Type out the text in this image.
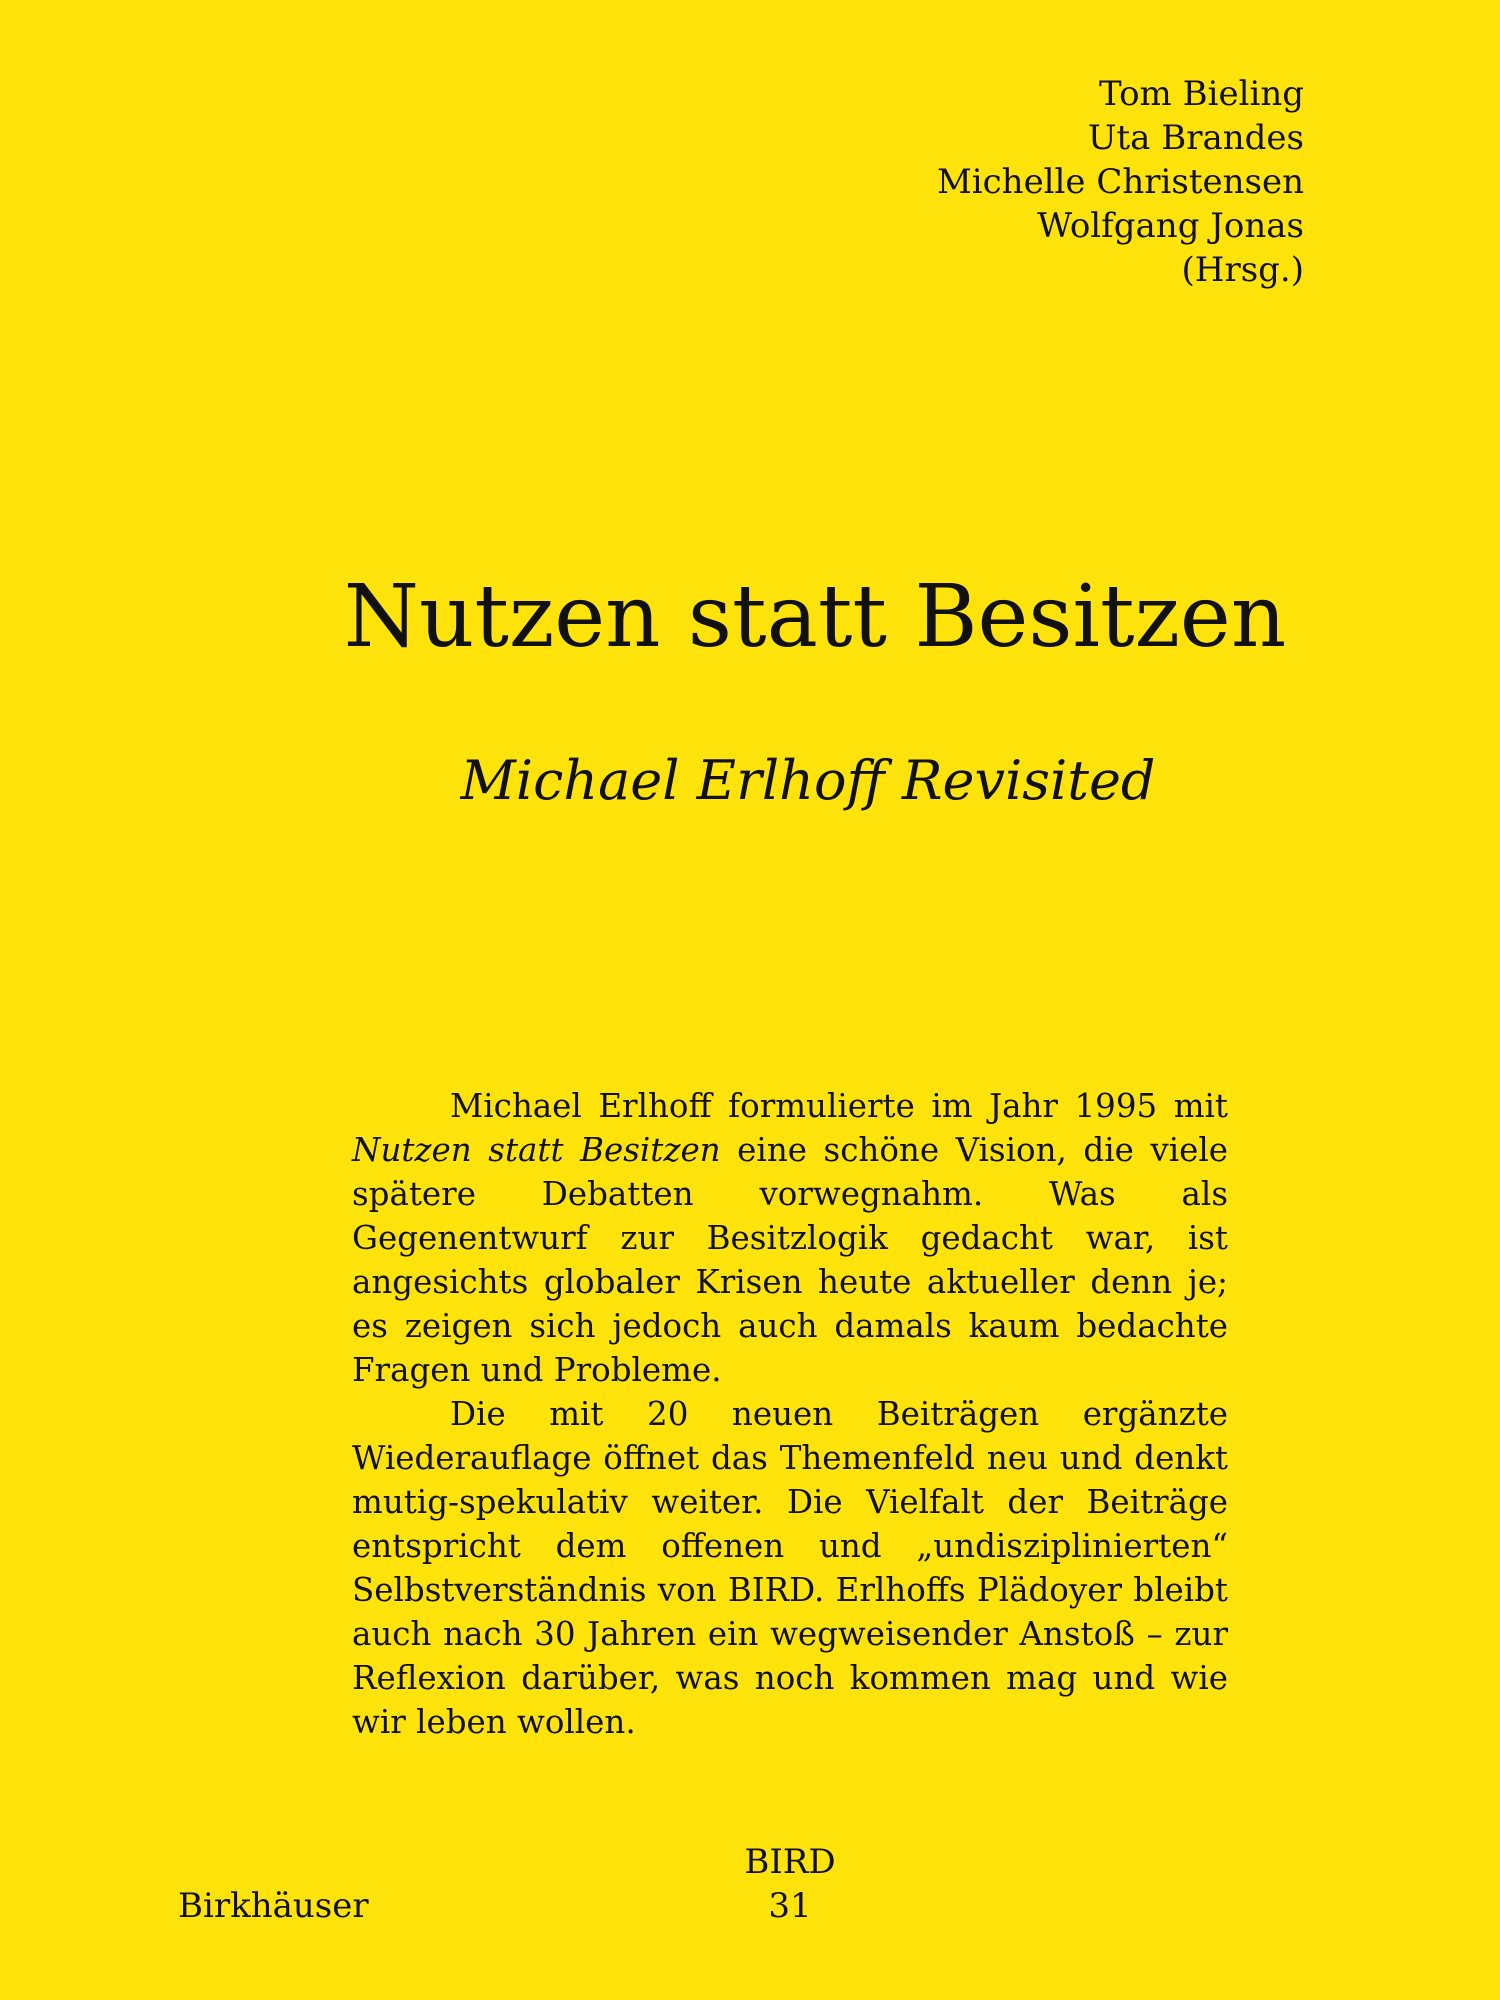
Tom Bieling
Uta Brandes
Michelle Christensen
Wolfgang Jonas
(Hrsg.)
Nutzen statt Besitzen
Michael Erlhoff Revisited

Michael Erlhoff formulierte im Jahr 1995 mit Nutzen statt Besitzen eine schöne Vision, die viele spätere Debatten vorwegnahm. Was als Gegenentwurf zur Besitzlogik gedacht war, ist angesichts globaler Krisen heute aktueller denn je; es zeigen sich jedoch auch damals kaum bedachte Fragen und Probleme.

Die mit 20 neuen Beiträgen ergänzte Wiederauflage öffnet das Themenfeld neu und denkt mutig-spekulativ weiter. Die Vielfalt der Beiträge entspricht dem offenen und „undisziplinierten“ Selbstverständnis von BIRD. Erlhoffs Plädoyer bleibt auch nach 30 Jahren ein wegweisender Anstoß – zur Reflexion darüber, was noch kommen mag und wie wir leben wollen.

Birkhäuser
BIRD
31
